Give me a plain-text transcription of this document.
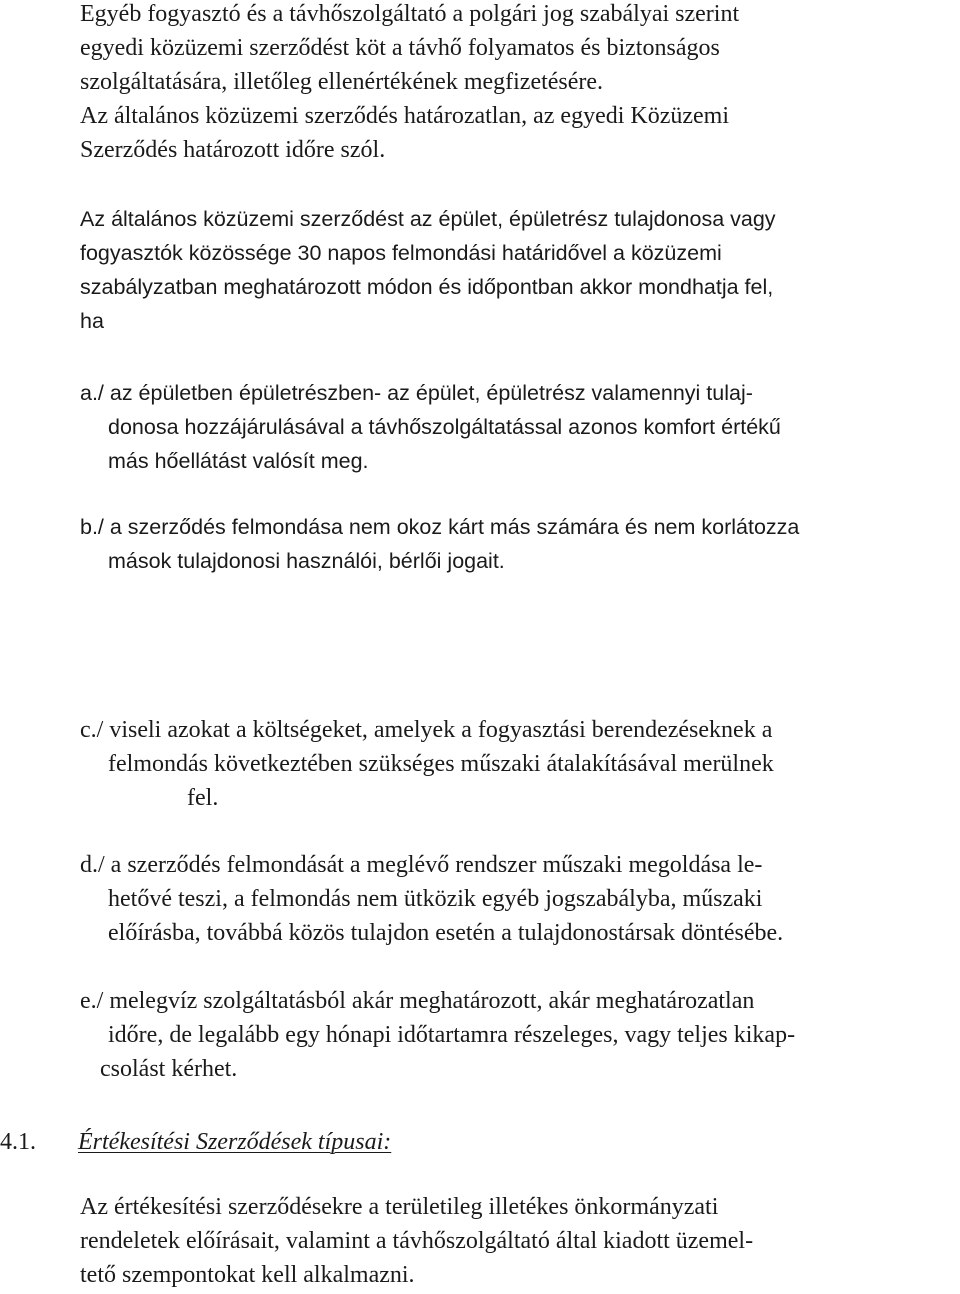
Egyéb fogyasztó és a távhőszolgáltató a polgári jog szabályai szerint
egyedi közüzemi szerződést köt a távhő folyamatos és biztonságos
szolgáltatására, illetőleg ellenértékének megfizetésére.
Az általános közüzemi szerződés határozatlan, az egyedi Közüzemi
Szerződés határozott időre szól.
Az általános közüzemi szerződést az épület, épületrész tulajdonosa vagy
fogyasztók közössége 30 napos felmondási határidővel a közüzemi
szabályzatban meghatározott módon és időpontban akkor mondhatja fel,
ha
a./ az épületben épületrészben- az épület, épületrész valamennyi tulaj-
donosa hozzájárulásával a távhőszolgáltatással azonos komfort értékű
más hőellátást valósít meg.
b./ a szerződés felmondása nem okoz kárt más számára és nem korlátozza
mások tulajdonosi használói, bérlői jogait.
c./ viseli azokat a költségeket, amelyek a fogyasztási berendezéseknek a
felmondás következtében szükséges műszaki átalakításával merülnek
fel.
d./ a szerződés felmondását a meglévő rendszer műszaki megoldása le-
hetővé teszi, a felmondás nem ütközik egyéb jogszabályba, műszaki
előírásba, továbbá közös tulajdon esetén a tulajdonostársak döntésébe.
e./ melegvíz szolgáltatásból akár meghatározott, akár meghatározatlan
időre, de legalább egy hónapi időtartamra részeleges, vagy teljes kikap-
csolást kérhet.
4.1. Értékesítési Szerződések típusai:
Az értékesítési szerződésekre a területileg illetékes önkormányzati
rendeletek előírásait, valamint a távhőszolgáltató által kiadott üzemel-
tető szempontokat kell alkalmazni.
